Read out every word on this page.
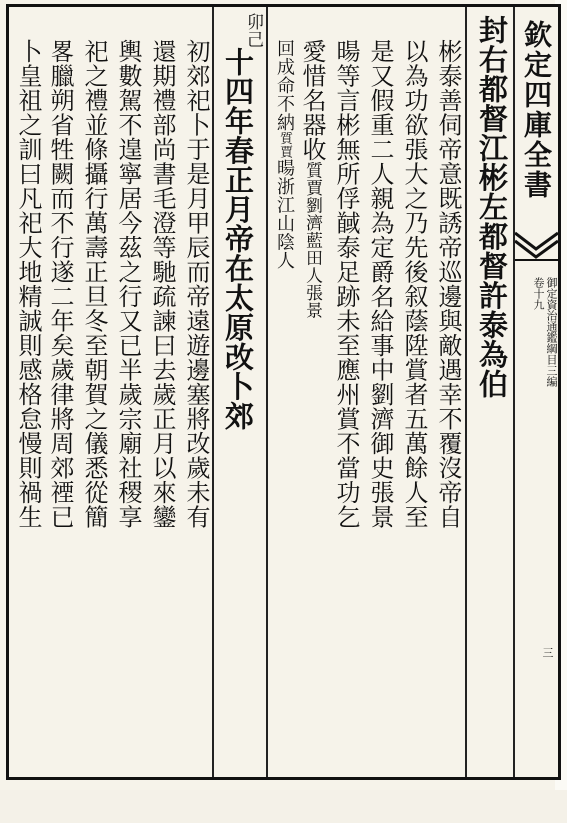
欽定四庫全書
御定資治通鑑綱目三編
卷十九
三
封右都督江彬左都督許泰為伯
彬泰善伺帝意既誘帝巡邊與敵遇幸不覆沒帝自
以為功欲張大之乃先後叙蔭陞賞者五萬餘人至
是又假重二人親為定爵名給事中劉濟御史張景
暘等言彬無所俘馘泰足跡未至應州賞不當功乞
愛惜名器收質賈劉濟藍田人張景
回成命不納質賈暘浙江山陰人
卯己
十四年春正月帝在太原改卜郊
初郊祀卜于是月甲辰而帝遠遊邊塞將改歲未有
還期禮部尚書毛澄等馳疏諫曰去歲正月以來鑾
輿數駕不遑寧居今茲之行又已半歲宗廟社稷享
祀之禮並條攝行萬壽正旦冬至朝賀之儀悉從簡
畧臘朔省牲闕而不行遂二年矣歲律將周郊禋已
卜皇祖之訓曰凡祀大地精誠則感格怠慢則禍生
